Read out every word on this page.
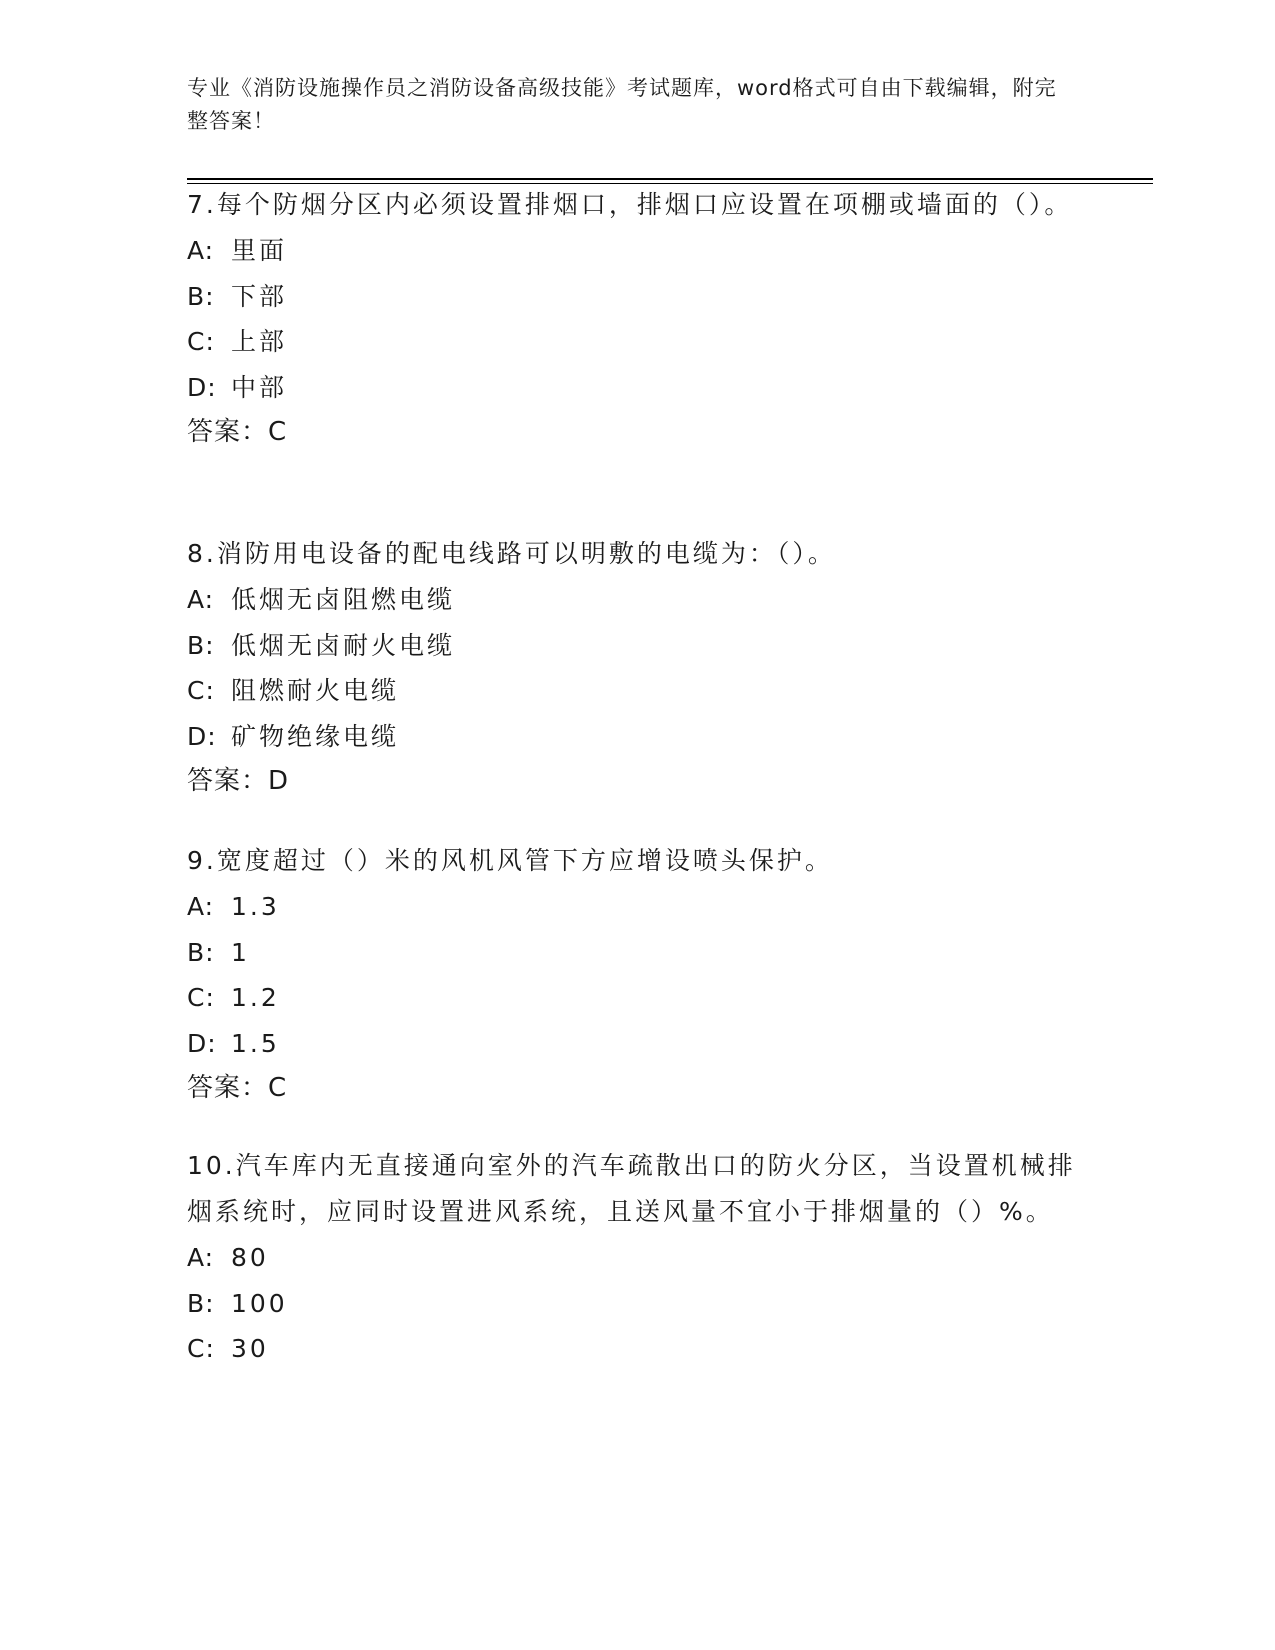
专业《消防设施操作员之消防设备高级技能》考试题库，word格式可自由下载编辑，附完整答案！
7.每个防烟分区内必须设置排烟口，排烟口应设置在项棚或墙面的（）。
A: 里面
B: 下部
C: 上部
D: 中部
答案：C
8.消防用电设备的配电线路可以明敷的电缆为：（）。
A: 低烟无卤阻燃电缆
B: 低烟无卤耐火电缆
C: 阻燃耐火电缆
D: 矿物绝缘电缆
答案：D
9.宽度超过（）米的风机风管下方应增设喷头保护。
A: 1.3
B: 1
C: 1.2
D: 1.5
答案：C
10.汽车库内无直接通向室外的汽车疏散出口的防火分区，当设置机械排烟系统时，应同时设置进风系统，且送风量不宜小于排烟量的（）%。
A: 80
B: 100
C: 30
